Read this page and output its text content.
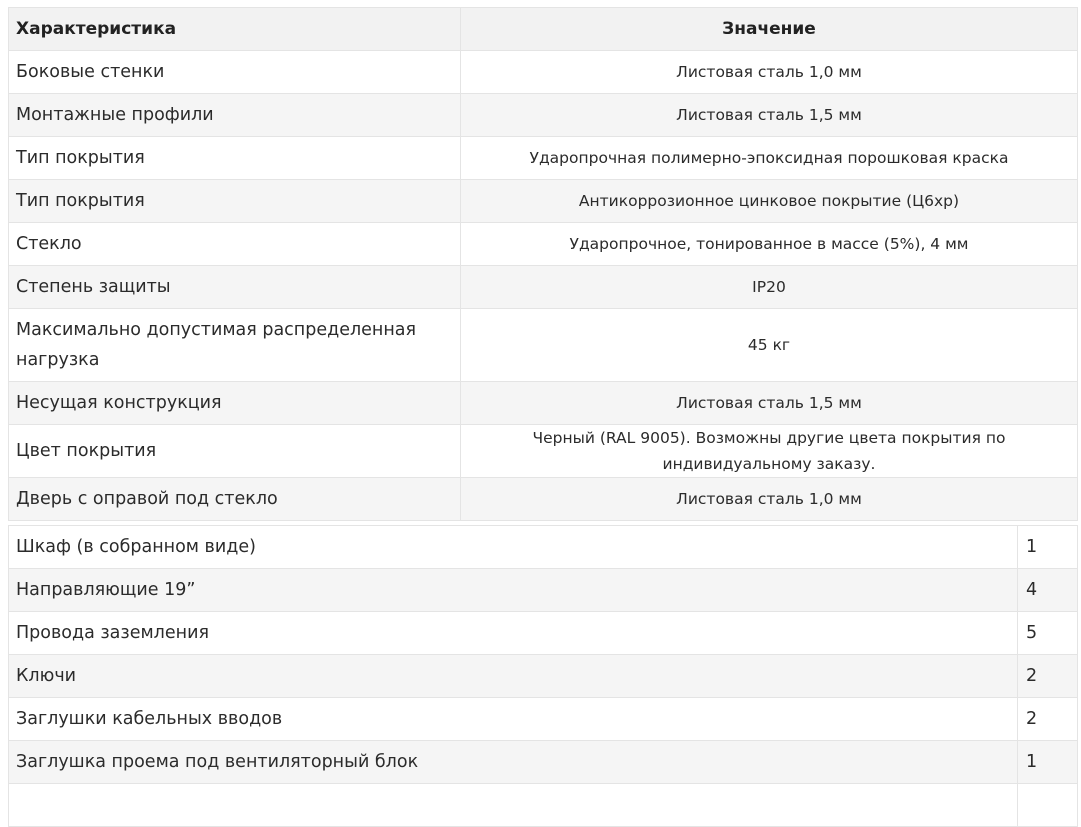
Характеристика	Значение
Боковые стенки	Листовая сталь 1,0 мм
Монтажные профили	Листовая сталь 1,5 мм
Тип покрытия	Ударопрочная полимерно-эпоксидная порошковая краска
Тип покрытия	Антикоррозионное цинковое покрытие (Ц6хр)
Стекло	Ударопрочное, тонированное в массе (5%), 4 мм
Степень защиты	IP20
Максимально допустимая распределенная нагрузка	45 кг
Несущая конструкция	Листовая сталь 1,5 мм
Цвет покрытия	Черный (RAL 9005). Возможны другие цвета покрытия по индивидуальному заказу.
Дверь с оправой под стекло	Листовая сталь 1,0 мм
Шкаф (в собранном виде)	1
Направляющие 19”	4
Провода заземления	5
Ключи	2
Заглушки кабельных вводов	2
Заглушка проема под вентиляторный блок	1
